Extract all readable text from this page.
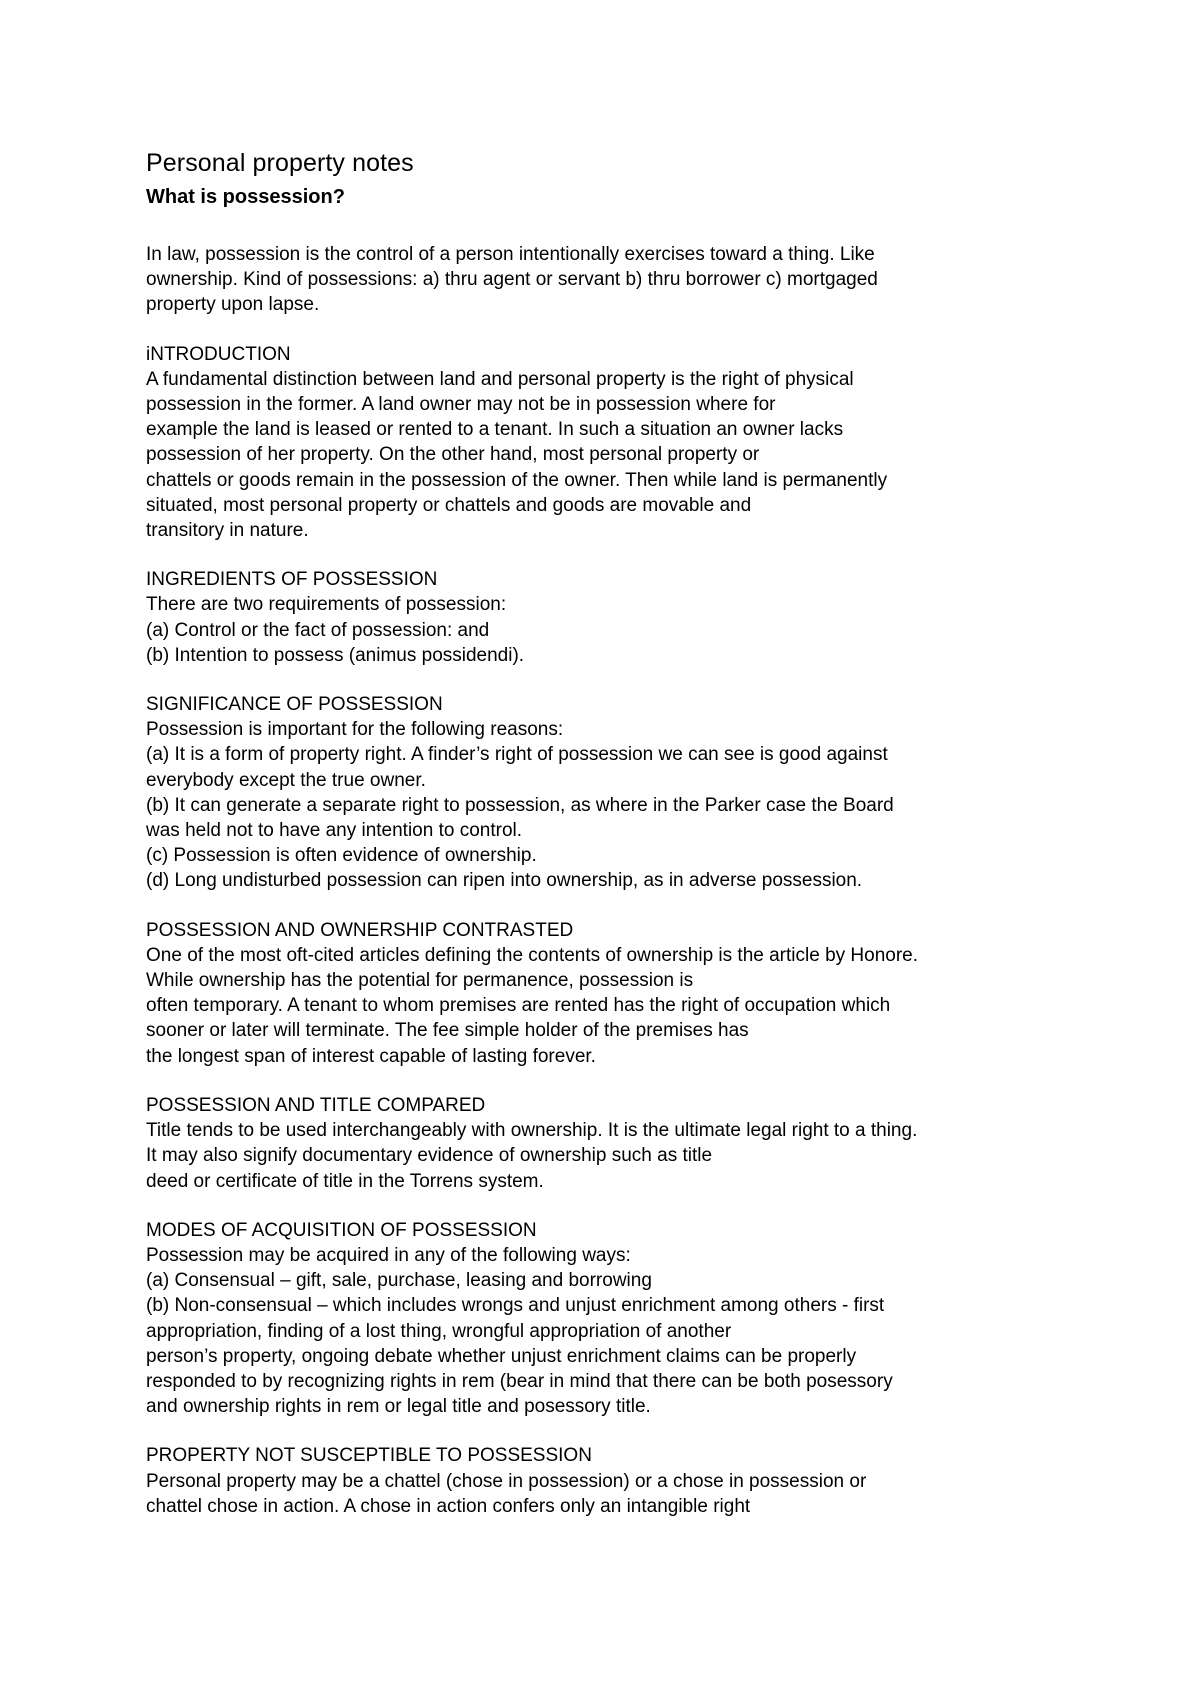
Personal property notes
What is possession?

In law, possession is the control of a person intentionally exercises toward a thing. Like

ownership. Kind of possessions: a) thru agent or servant b) thru borrower c) mortgaged

property upon lapse.

iNTRODUCTION

A fundamental distinction between land and personal property is the right of physical

possession in the former. A land owner may not be in possession where for

example the land is leased or rented to a tenant. In such a situation an owner lacks

possession of her property. On the other hand, most personal property or

chattels or goods remain in the possession of the owner. Then while land is permanently

situated, most personal property or chattels and goods are movable and

transitory in nature.

INGREDIENTS OF POSSESSION

There are two requirements of possession:

(a) Control or the fact of possession: and

(b) Intention to possess (animus possidendi).

SIGNIFICANCE OF POSSESSION

Possession is important for the following reasons:

(a) It is a form of property right. A finder’s right of possession we can see is good against

everybody except the true owner.

(b) It can generate a separate right to possession, as where in the Parker case the Board

was held not to have any intention to control.

(c) Possession is often evidence of ownership.

(d) Long undisturbed possession can ripen into ownership, as in adverse possession.

POSSESSION AND OWNERSHIP CONTRASTED

One of the most oft-cited articles defining the contents of ownership is the article by Honore.

While ownership has the potential for permanence, possession is

often temporary. A tenant to whom premises are rented has the right of occupation which

sooner or later will terminate. The fee simple holder of the premises has

the longest span of interest capable of lasting forever.

POSSESSION AND TITLE COMPARED

Title tends to be used interchangeably with ownership. It is the ultimate legal right to a thing.

It may also signify documentary evidence of ownership such as title

deed or certificate of title in the Torrens system.

MODES OF ACQUISITION OF POSSESSION

Possession may be acquired in any of the following ways:

(a) Consensual – gift, sale, purchase, leasing and borrowing

(b) Non-consensual – which includes wrongs and unjust enrichment among others - first

appropriation, finding of a lost thing, wrongful appropriation of another

person’s property, ongoing debate whether unjust enrichment claims can be properly

responded to by recognizing rights in rem (bear in mind that there can be both posessory

and ownership rights in rem or legal title and posessory title.

PROPERTY NOT SUSCEPTIBLE TO POSSESSION

Personal property may be a chattel (chose in possession) or a chose in possession or

chattel chose in action. A chose in action confers only an intangible right
